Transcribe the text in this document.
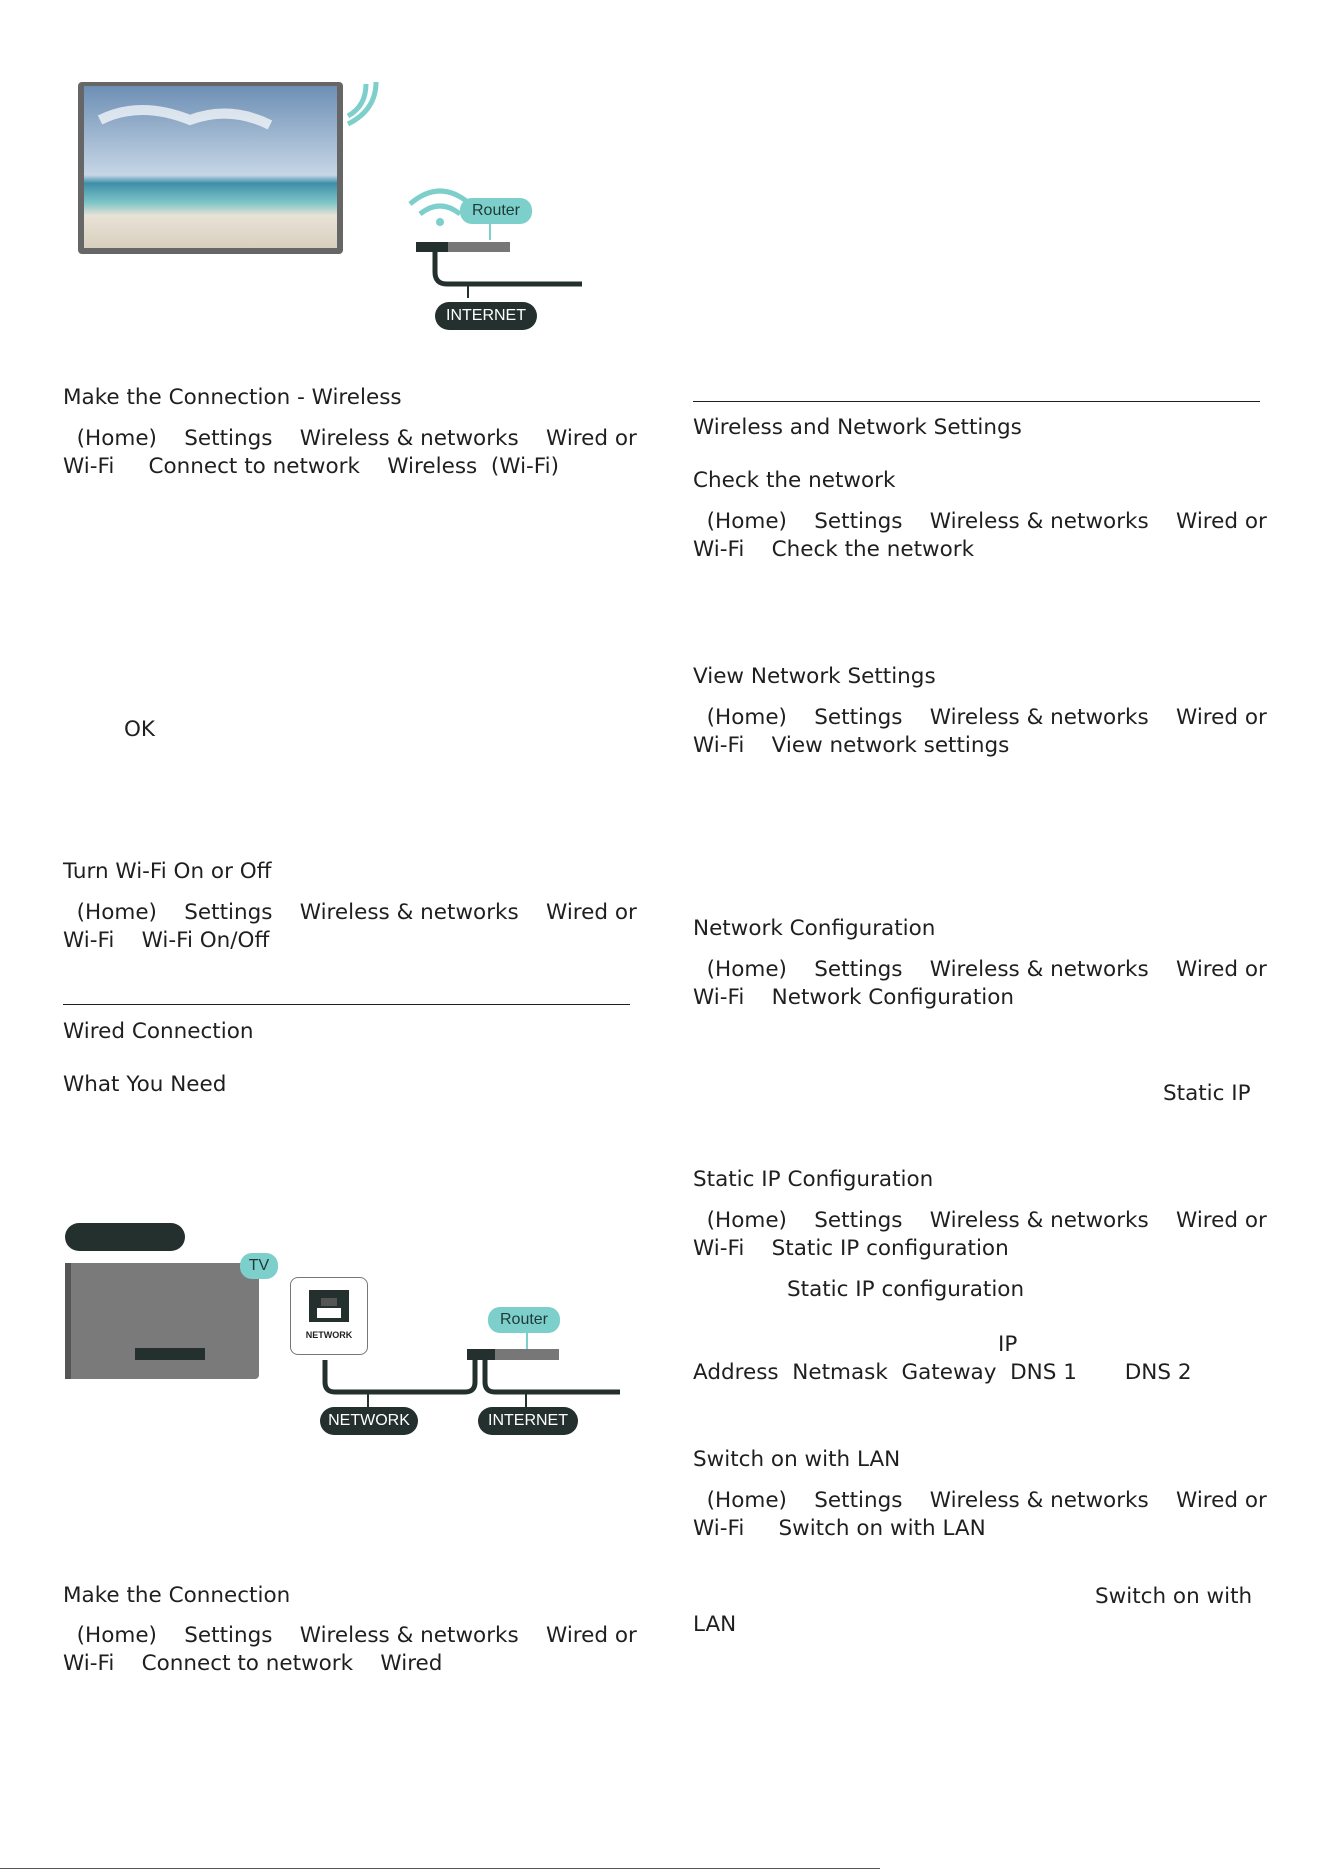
Router
INTERNET
Make the Connection - Wireless
(Home)    Settings    Wireless & networks    Wired or
Wi-Fi     Connect to network    Wireless  (Wi-Fi)
OK
Turn Wi-Fi On or Off
(Home)    Settings    Wireless & networks    Wired or
Wi-Fi    Wi-Fi On/Off
Wired Connection
What You Need
TV
NETWORK
Router
NETWORK	INTERNET
Make the Connection
(Home)    Settings    Wireless & networks    Wired or
Wi-Fi    Connect to network    Wired
Wireless and Network Settings
Check the network
(Home)    Settings    Wireless & networks    Wired or
Wi-Fi    Check the network
View Network Settings
(Home)    Settings    Wireless & networks    Wired or
Wi-Fi    View network settings
Network Configuration
(Home)    Settings    Wireless & networks    Wired or
Wi-Fi    Network Configuration
Static IP
Static IP Configuration
(Home)    Settings    Wireless & networks    Wired or
Wi-Fi    Static IP configuration
Static IP configuration
IP
Address  Netmask  Gateway  DNS 1       DNS 2
Switch on with LAN
(Home)    Settings    Wireless & networks    Wired or
Wi-Fi     Switch on with LAN
Switch on with
LAN
